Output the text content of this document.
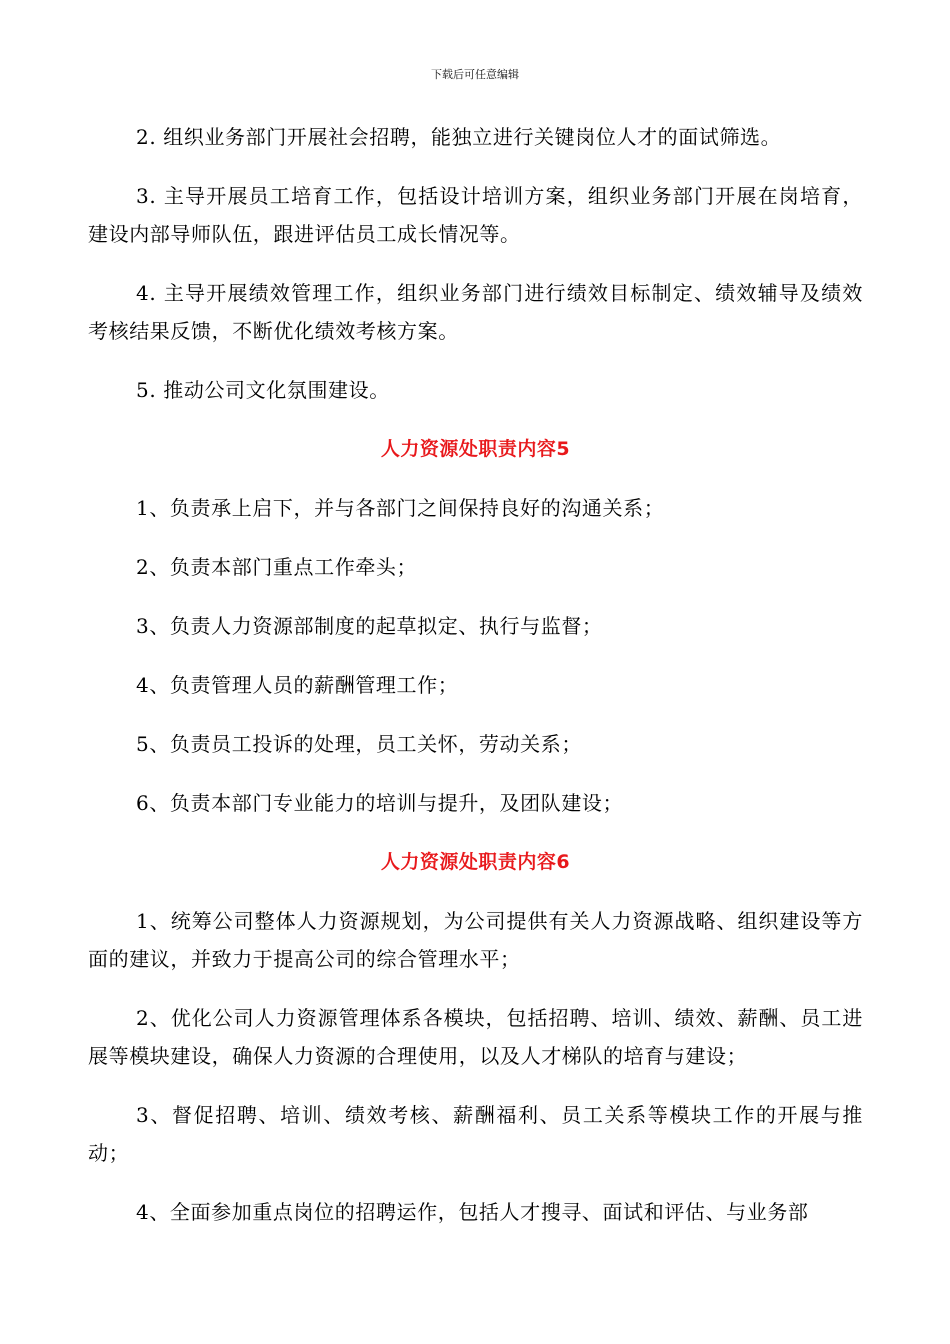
下载后可任意编辑

2. 组织业务部门开展社会招聘，能独立进行关键岗位人才的面试筛选。

3. 主导开展员工培育工作，包括设计培训方案，组织业务部门开展在岗培育，建设内部导师队伍，跟进评估员工成长情况等。

4. 主导开展绩效管理工作，组织业务部门进行绩效目标制定、绩效辅导及绩效考核结果反馈，不断优化绩效考核方案。

5. 推动公司文化氛围建设。

人力资源处职责内容5

1、负责承上启下，并与各部门之间保持良好的沟通关系；

2、负责本部门重点工作牵头；

3、负责人力资源部制度的起草拟定、执行与监督；

4、负责管理人员的薪酬管理工作；

5、负责员工投诉的处理，员工关怀，劳动关系；

6、负责本部门专业能力的培训与提升，及团队建设；

人力资源处职责内容6

1、统筹公司整体人力资源规划，为公司提供有关人力资源战略、组织建设等方面的建议，并致力于提高公司的综合管理水平；

2、优化公司人力资源管理体系各模块，包括招聘、培训、绩效、薪酬、员工进展等模块建设，确保人力资源的合理使用，以及人才梯队的培育与建设；

3、督促招聘、培训、绩效考核、薪酬福利、员工关系等模块工作的开展与推动；

4、全面参加重点岗位的招聘运作，包括人才搜寻、面试和评估、与业务部
